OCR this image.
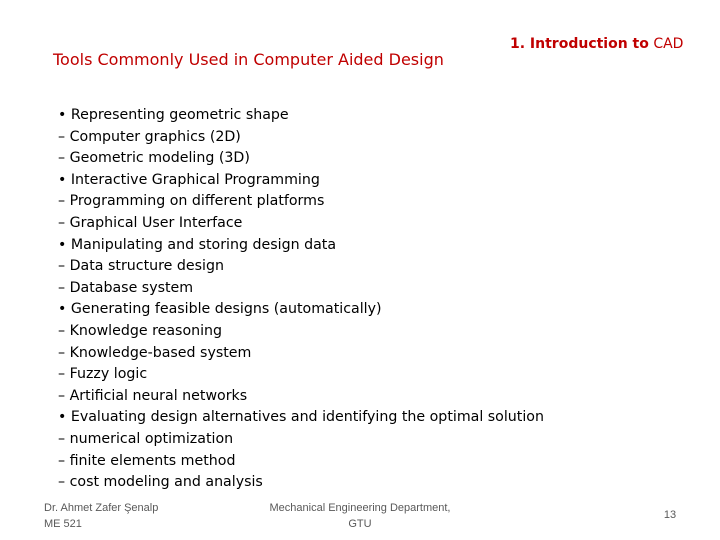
Tools Commonly Used in Computer Aided Design
1. Introduction to CAD
• Representing geometric shape
– Computer graphics (2D)
– Geometric modeling (3D)
• Interactive Graphical Programming
– Programming on different platforms
– Graphical User Interface
• Manipulating and storing design data
– Data structure design
– Database system
• Generating feasible designs (automatically)
– Knowledge reasoning
– Knowledge-based system
– Fuzzy logic
– Artificial neural networks
• Evaluating design alternatives and identifying the optimal solution
– numerical optimization
– finite elements method
– cost modeling and analysis
Dr. Ahmet Zafer Şenalp
ME 521
Mechanical Engineering Department,
GTU
13
